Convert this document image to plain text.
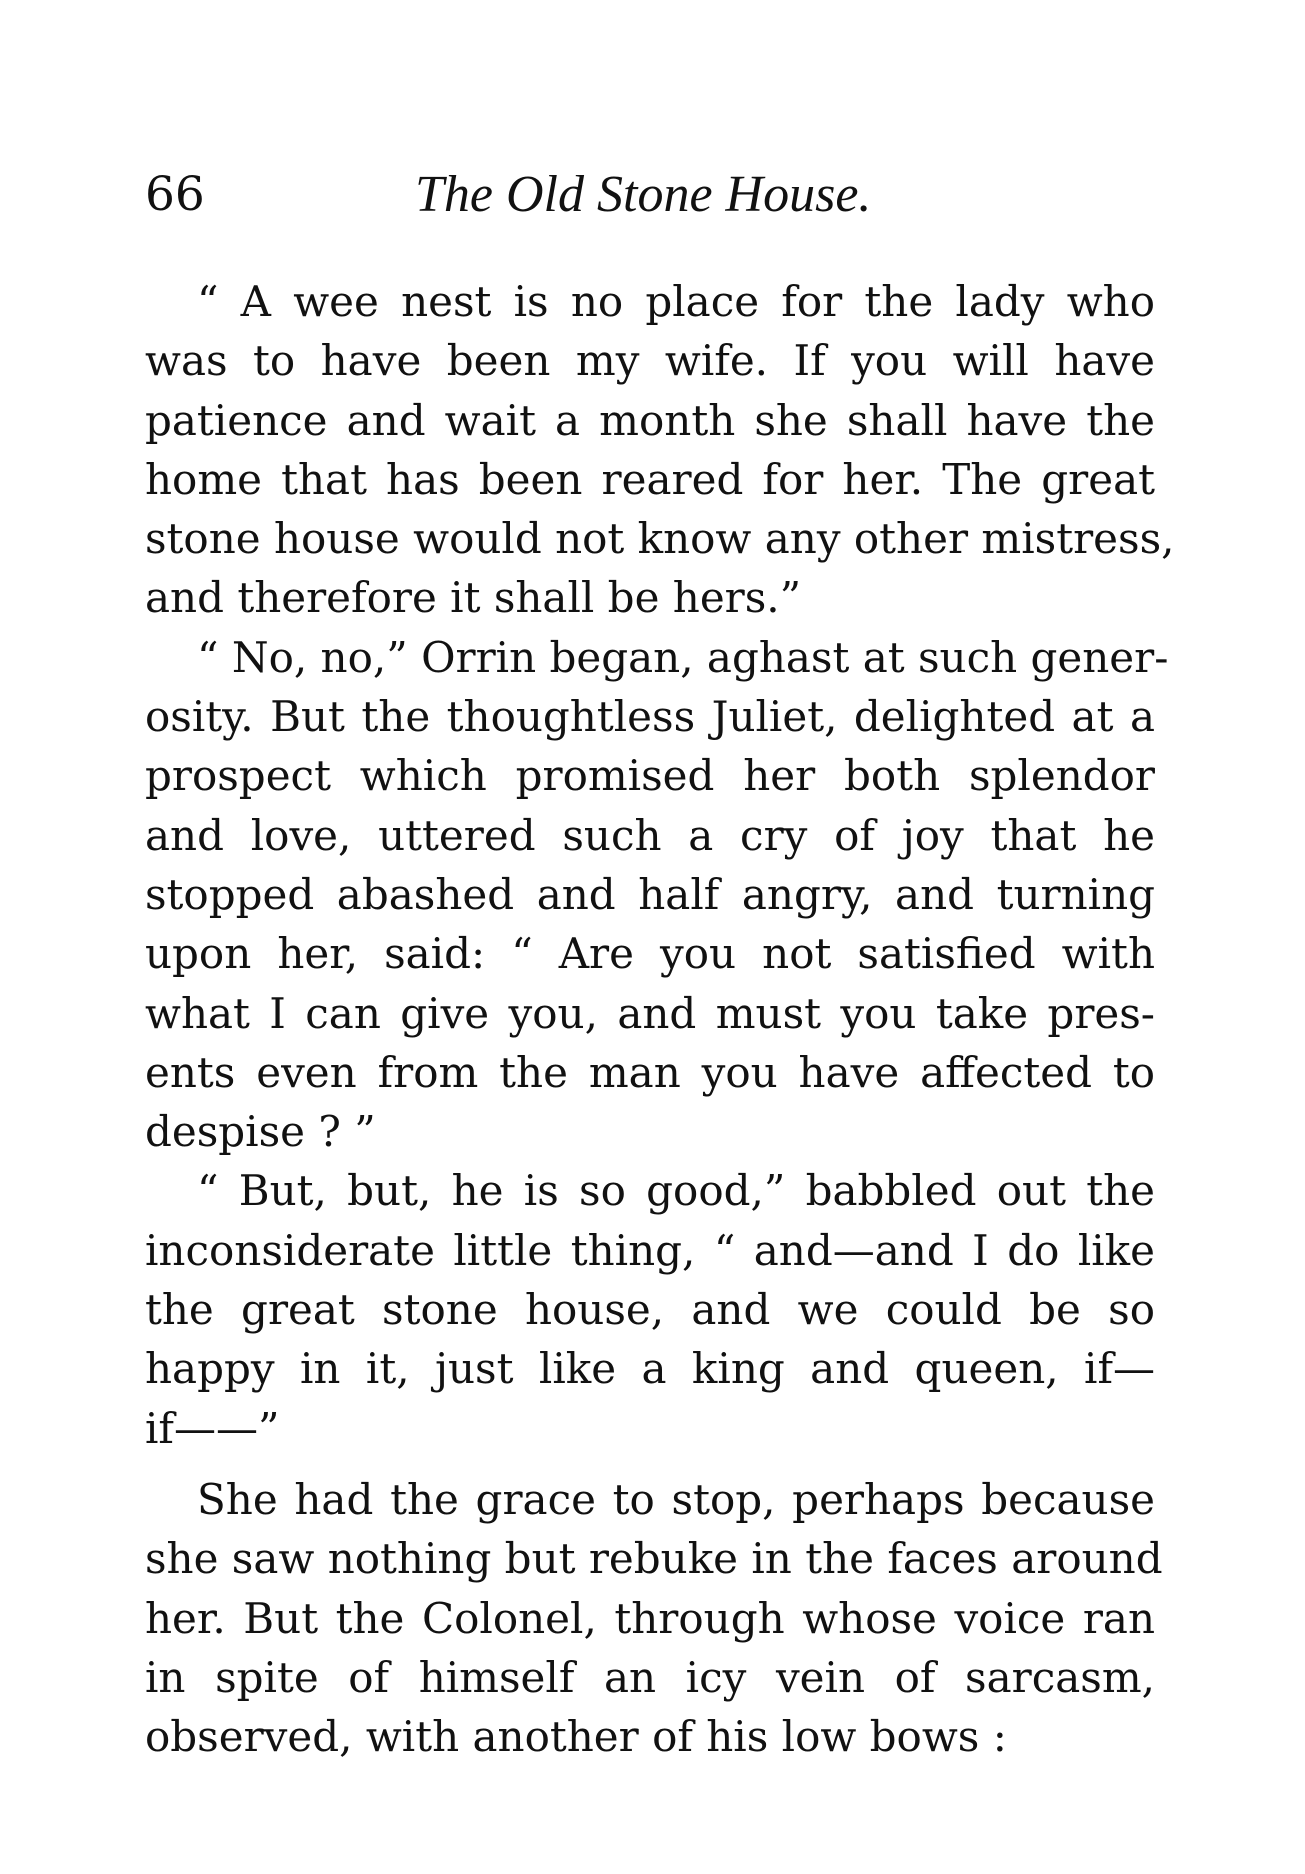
66	The Old Stone House.
“ A wee nest is no place for the lady who
was to have been my wife. If you will have
patience and wait a month she shall have the
home that has been reared for her. The great
stone house would not know any other mistress,
and therefore it shall be hers.”
“ No, no,” Orrin began, aghast at such gener-
osity. But the thoughtless Juliet, delighted at a
prospect which promised her both splendor
and love, uttered such a cry of joy that he
stopped abashed and half angry, and turning
upon her, said: “ Are you not satisfied with
what I can give you, and must you take pres-
ents even from the man you have affected to
despise ? ”
“ But, but, he is so good,” babbled out the
inconsiderate little thing, “ and—and I do like
the great stone house, and we could be so
happy in it, just like a king and queen, if—
if——”
She had the grace to stop, perhaps because
she saw nothing but rebuke in the faces around
her. But the Colonel, through whose voice ran
in spite of himself an icy vein of sarcasm,
observed, with another of his low bows :
